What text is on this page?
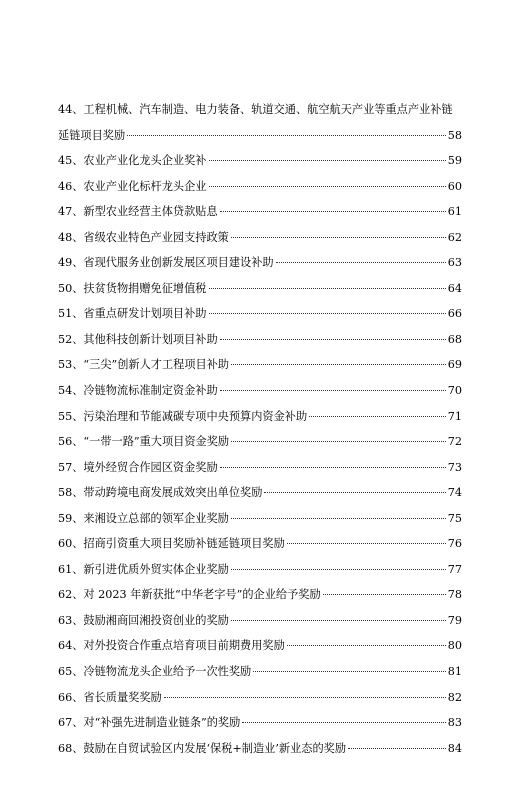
44、工程机械、汽车制造、电力装备、轨道交通、航空航天产业等重点产业补链
延链项目奖励	58
45、农业产业化龙头企业奖补	59
46、农业产业化标杆龙头企业	60
47、新型农业经营主体贷款贴息	61
48、省级农业特色产业园支持政策	62
49、省现代服务业创新发展区项目建设补助	63
50、扶贫货物捐赠免征增值税	64
51、省重点研发计划项目补助	66
52、其他科技创新计划项目补助	68
53、“三尖”创新人才工程项目补助	69
54、冷链物流标准制定资金补助	70
55、污染治理和节能减碳专项中央预算内资金补助	71
56、“一带一路”重大项目资金奖励	72
57、境外经贸合作园区资金奖励	73
58、带动跨境电商发展成效突出单位奖励	74
59、来湘设立总部的领军企业奖励	75
60、招商引资重大项目奖励补链延链项目奖励	76
61、新引进优质外贸实体企业奖励	77
62、对 2023 年新获批“中华老字号”的企业给予奖励	78
63、鼓励湘商回湘投资创业的奖励	79
64、对外投资合作重点培育项目前期费用奖励	80
65、冷链物流龙头企业给予一次性奖励	81
66、省长质量奖奖励	82
67、对“补强先进制造业链条”的奖励	83
68、鼓励在自贸试验区内发展‘保税+制造业’新业态的奖励	84
